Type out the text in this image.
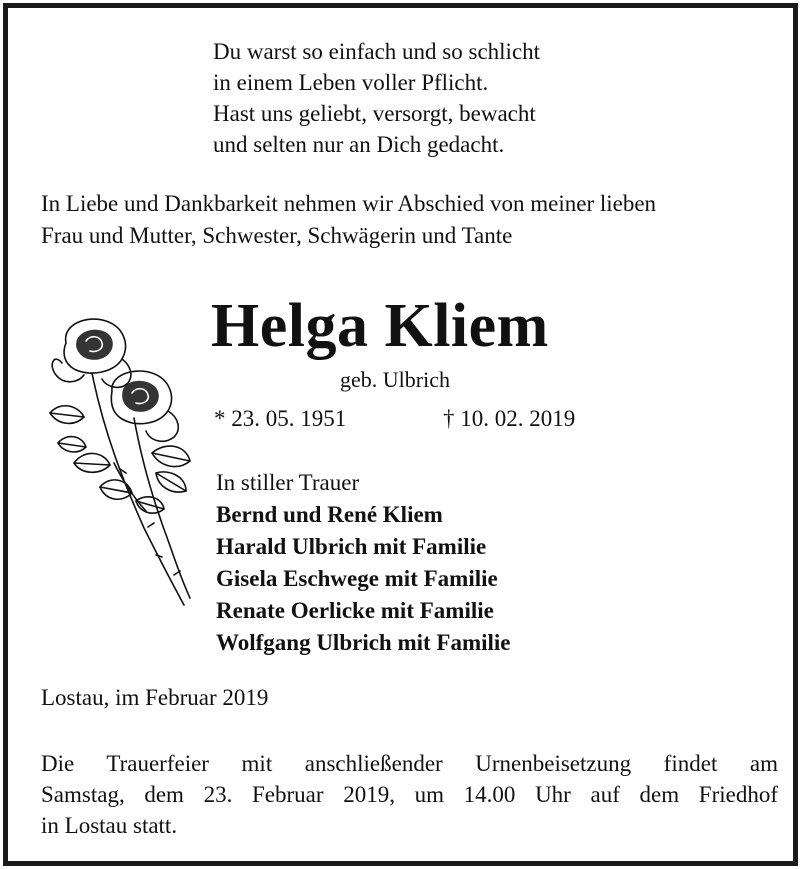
Du warst so einfach und so schlicht
in einem Leben voller Pflicht.
Hast uns geliebt, versorgt, bewacht
und selten nur an Dich gedacht.
In Liebe und Dankbarkeit nehmen wir Abschied von meiner lieben
Frau und Mutter, Schwester, Schwägerin und Tante
Helga Kliem
geb. Ulbrich
* 23. 05. 1951	† 10. 02. 2019
In stiller Trauer
Bernd und René Kliem
Harald Ulbrich mit Familie
Gisela Eschwege mit Familie
Renate Oerlicke mit Familie
Wolfgang Ulbrich mit Familie
Lostau, im Februar 2019
Die Trauerfeier mit anschließender Urnenbeisetzung findet am
Samstag, dem 23. Februar 2019, um 14.00 Uhr auf dem Friedhof
in Lostau statt.
